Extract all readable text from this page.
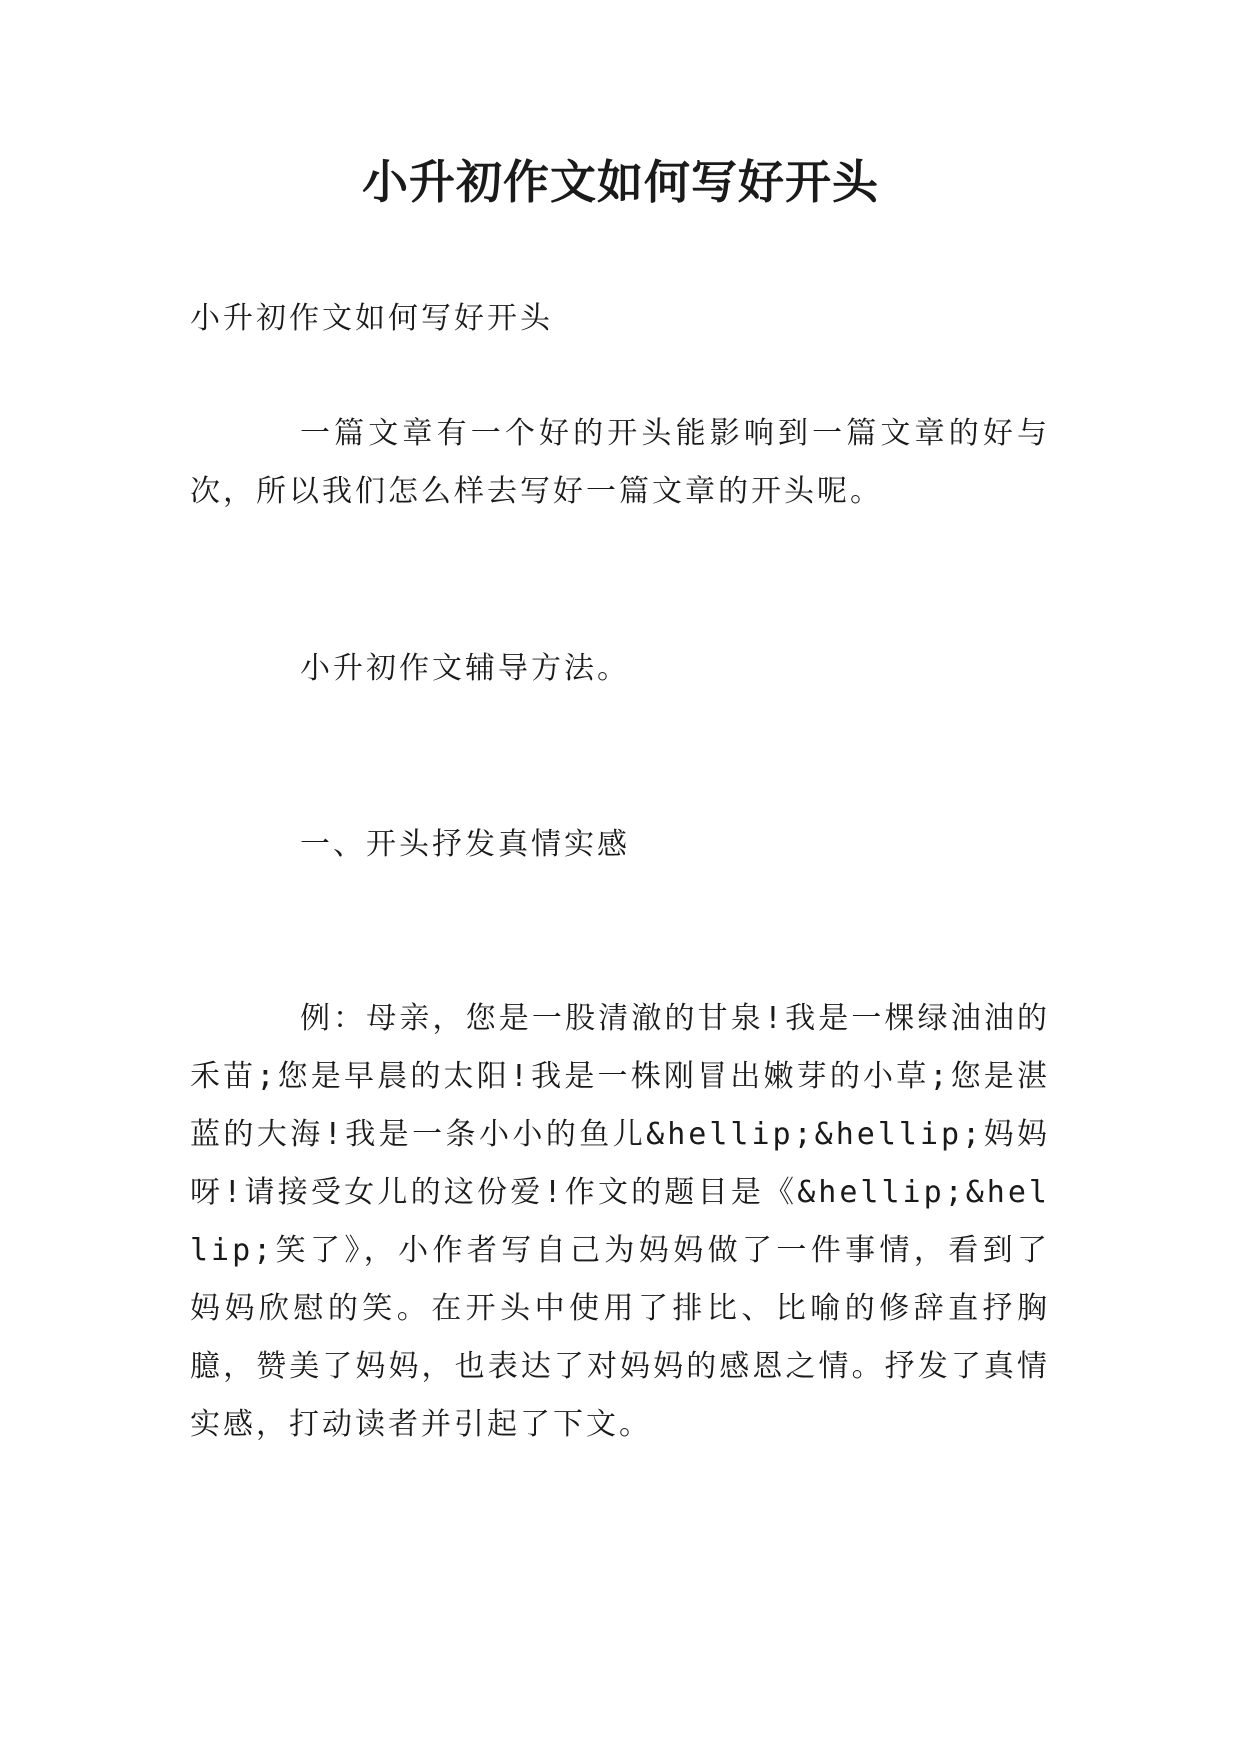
小升初作文如何写好开头
小升初作文如何写好开头
一篇文章有一个好的开头能影响到一篇文章的好与次，所以我们怎么样去写好一篇文章的开头呢。
小升初作文辅导方法。
一、开头抒发真情实感
例：母亲，您是一股清澈的甘泉!我是一棵绿油油的禾苗;您是早晨的太阳!我是一株刚冒出嫩芽的小草;您是湛蓝的大海!我是一条小小的鱼儿&hellip;&hellip;妈妈呀!请接受女儿的这份爱!作文的题目是《&hellip;&hellip;笑了》，小作者写自己为妈妈做了一件事情，看到了妈妈欣慰的笑。在开头中使用了排比、比喻的修辞直抒胸臆，赞美了妈妈，也表达了对妈妈的感恩之情。抒发了真情实感，打动读者并引起了下文。
